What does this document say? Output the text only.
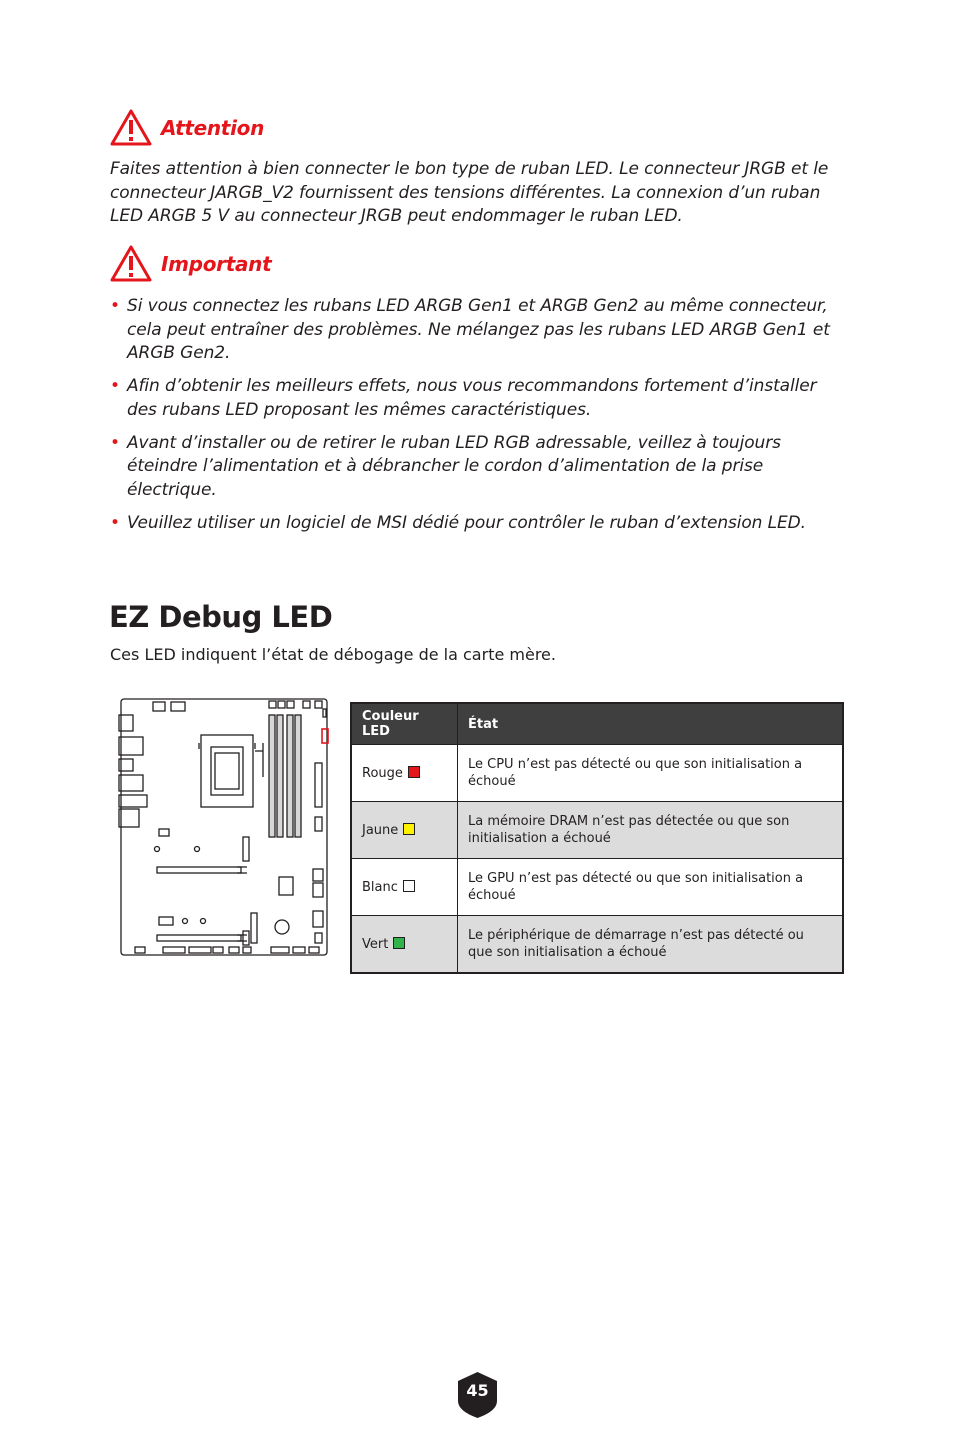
Attention

Faites attention à bien connecter le bon type de ruban LED. Le connecteur JRGB et le connecteur JARGB_V2 fournissent des tensions différentes. La connexion d’un ruban LED ARGB 5 V au connecteur JRGB peut endommager le ruban LED.

Important
• Si vous connectez les rubans LED ARGB Gen1 et ARGB Gen2 au même connecteur, cela peut entraîner des problèmes. Ne mélangez pas les rubans LED ARGB Gen1 et ARGB Gen2.
• Afin d’obtenir les meilleurs effets, nous vous recommandons fortement d’installer des rubans LED proposant les mêmes caractéristiques.
• Avant d’installer ou de retirer le ruban LED RGB adressable, veillez à toujours éteindre l’alimentation et à débrancher le cordon d’alimentation de la prise électrique.
• Veuillez utiliser un logiciel de MSI dédié pour contrôler le ruban d’extension LED.
EZ Debug LED
Ces LED indiquent l’état de débogage de la carte mère.
Couleur LED	État
Rouge	Le CPU n’est pas détecté ou que son initialisation a échoué
Jaune	La mémoire DRAM n’est pas détectée ou que son initialisation a échoué
Blanc	Le GPU n’est pas détecté ou que son initialisation a échoué
Vert	Le périphérique de démarrage n’est pas détecté ou que son initialisation a échoué
45
